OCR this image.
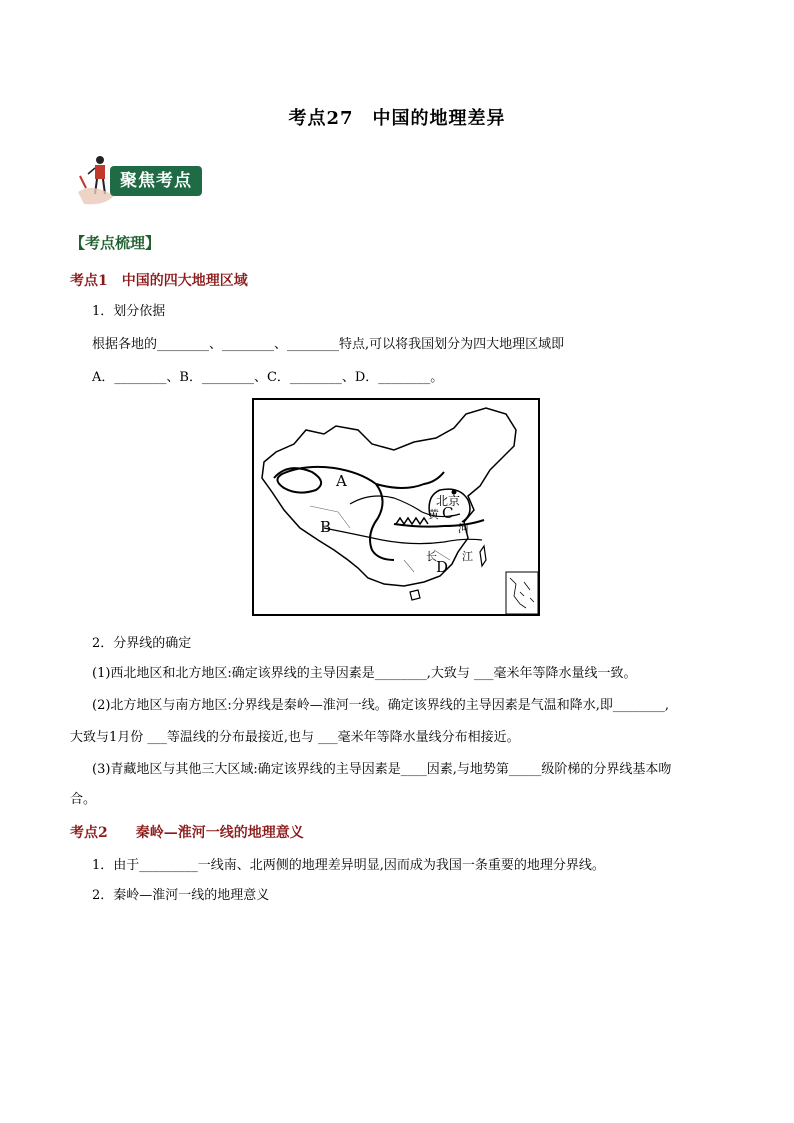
考点27　中国的地理差异
聚焦考点
【考点梳理】
考点1　中国的四大地理区域
1．划分依据
根据各地的________、________、________特点,可以将我国划分为四大地理区域即
A．________、B．________、C．________、D．________。
A
B
C
D
北京
黄
河
长 江
2．分界线的确定
(1)西北地区和北方地区:确定该界线的主导因素是________,大致与 ___毫米年等降水量线一致。
(2)北方地区与南方地区:分界线是秦岭—淮河一线。确定该界线的主导因素是气温和降水,即________,
大致与1月份 ___等温线的分布最接近,也与 ___毫米年等降水量线分布相接近。
(3)青藏地区与其他三大区域:确定该界线的主导因素是____因素,与地势第_____级阶梯的分界线基本吻
合。
考点2　　秦岭—淮河一线的地理意义
1．由于_________一线南、北两侧的地理差异明显,因而成为我国一条重要的地理分界线。
2．秦岭—淮河一线的地理意义
